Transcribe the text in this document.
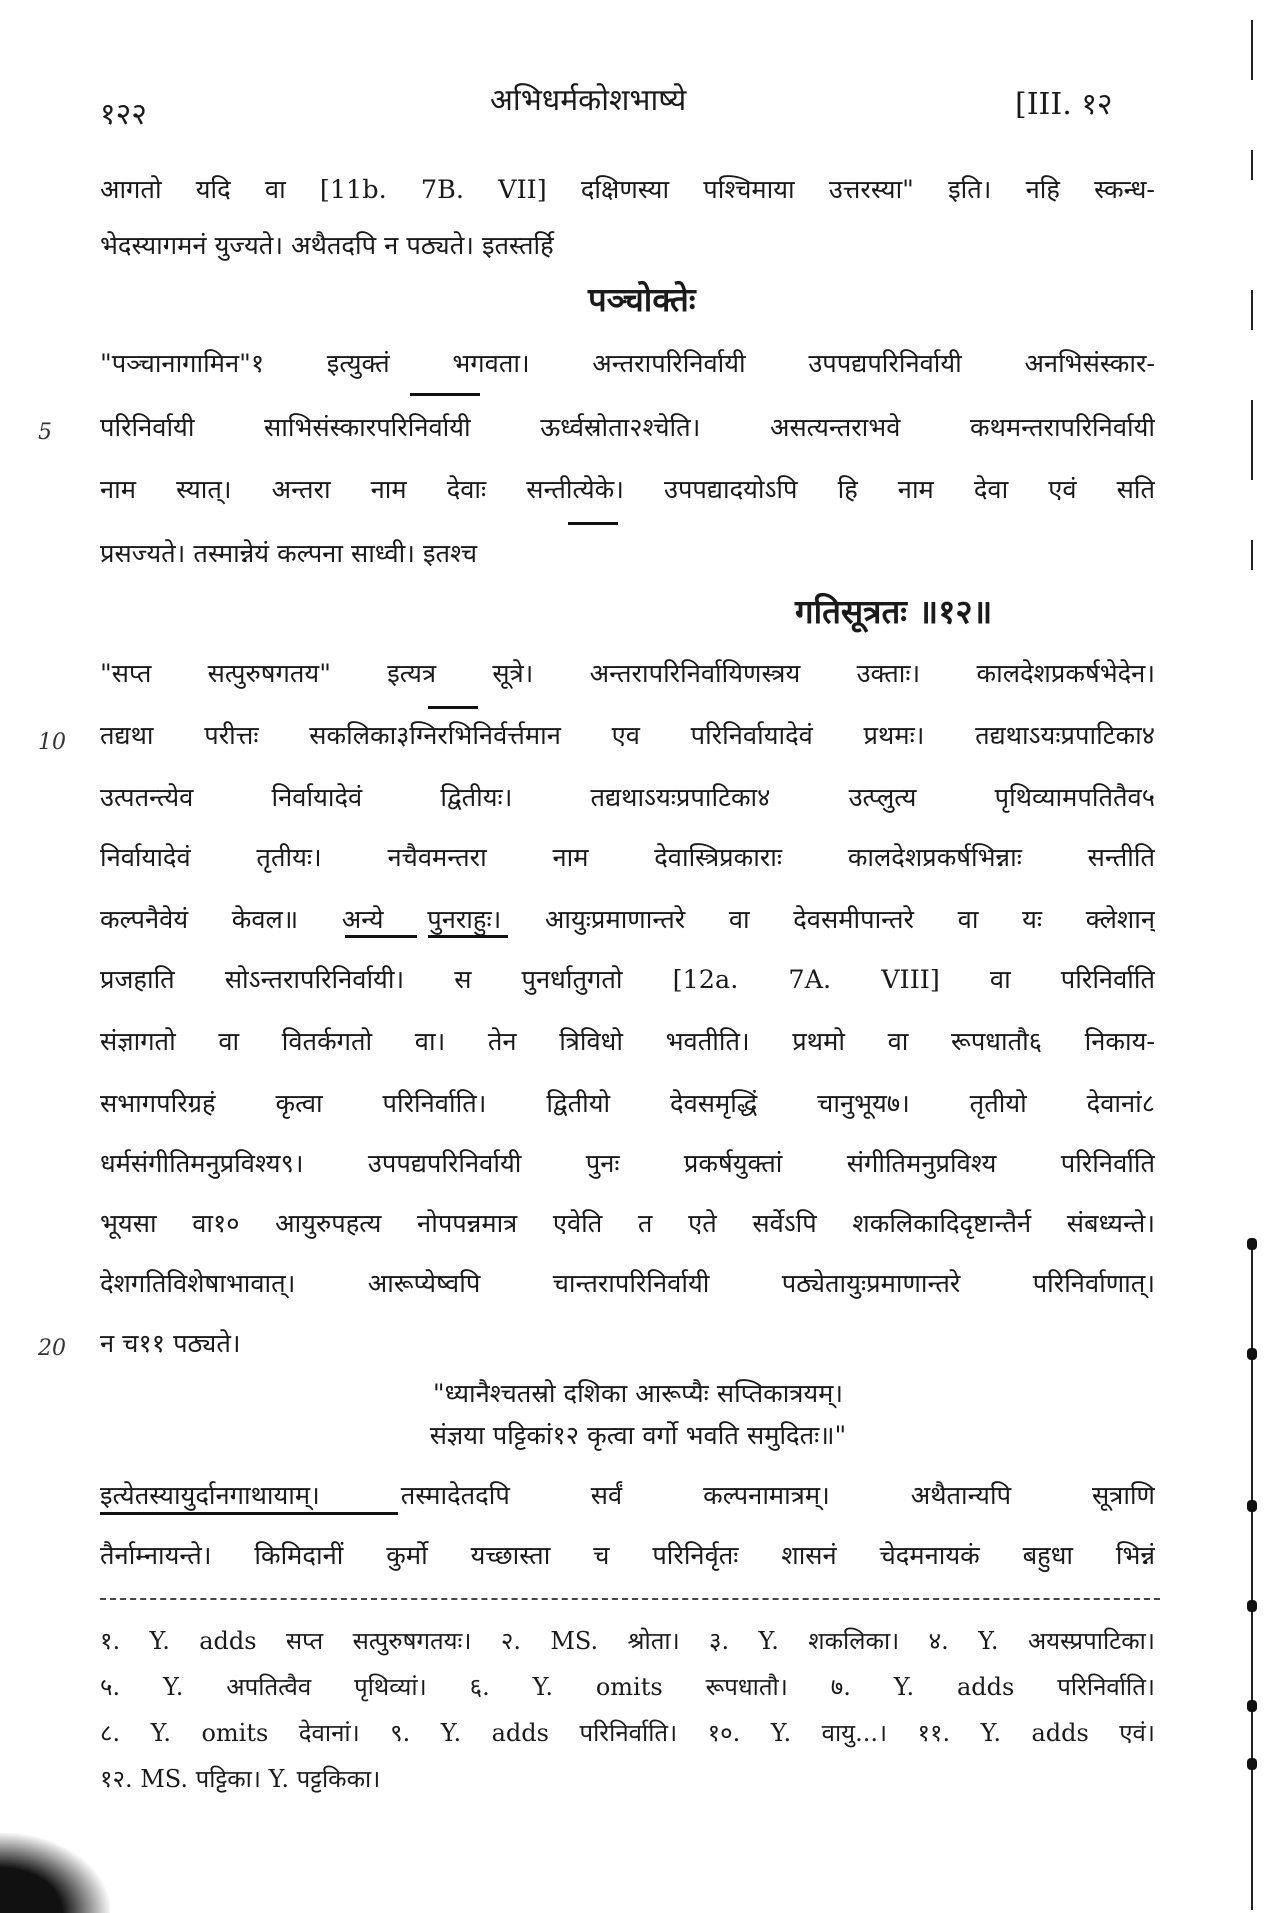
१२२	अभिधर्मकोशभाष्ये	[III. १२
आगतो यदि वा [11b. 7B. VII] दक्षिणस्या पश्चिमाया उत्तरस्या" इति। नहि स्कन्ध-
भेदस्यागमनं युज्यते। अथैतदपि न पठ्यते। इतस्तर्हि
पञ्चोक्तेः
"पञ्चानागामिन"१ इत्युक्तं भगवता। अन्तरापरिनिर्वायी उपपद्यपरिनिर्वायी अनभिसंस्कार-
परिनिर्वायी साभिसंस्कारपरिनिर्वायी ऊर्ध्वस्रोता२श्चेति। असत्यन्तराभवे कथमन्तरापरिनिर्वायी
नाम स्यात्। अन्तरा नाम देवाः सन्तीत्येके। उपपद्यादयोऽपि हि नाम देवा एवं सति
प्रसज्यते। तस्मान्नेयं कल्पना साध्वी। इतश्च
5
गतिसूत्रतः ॥१२॥
"सप्त सत्पुरुषगतय" इत्यत्र सूत्रे। अन्तरापरिनिर्वायिणस्त्रय उक्ताः। कालदेशप्रकर्षभेदेन।
तद्यथा परीत्तः सकलिका३ग्निरभिनिर्वर्त्तमान एव परिनिर्वायादेवं प्रथमः। तद्यथाऽयःप्रपाटिका४
उत्पतन्त्येव निर्वायादेवं द्वितीयः। तद्यथाऽयःप्रपाटिका४ उत्प्लुत्य पृथिव्यामपतितैव५
निर्वायादेवं तृतीयः। नचैवमन्तरा नाम देवास्त्रिप्रकाराः कालदेशप्रकर्षभिन्नाः सन्तीति
कल्पनैवेयं केवल॥ अन्ये पुनराहुः। आयुःप्रमाणान्तरे वा देवसमीपान्तरे वा यः क्लेशान्
प्रजहाति सोऽन्तरापरिनिर्वायी। स पुनर्धातुगतो [12a. 7A. VIII] वा परिनिर्वाति
संज्ञागतो वा वितर्कगतो वा। तेन त्रिविधो भवतीति। प्रथमो वा रूपधातौ६ निकाय-
सभागपरिग्रहं कृत्वा परिनिर्वाति। द्वितीयो देवसमृद्धिं चानुभूय७। तृतीयो देवानां८
धर्मसंगीतिमनुप्रविश्य९। उपपद्यपरिनिर्वायी पुनः प्रकर्षयुक्तां संगीतिमनुप्रविश्य परिनिर्वाति
भूयसा वा१० आयुरुपहत्य नोपपन्नमात्र एवेति त एते सर्वेऽपि शकलिकादिदृष्टान्तैर्न संबध्यन्ते।
देशगतिविशेषाभावात्। आरूप्येष्वपि चान्तरापरिनिर्वायी पठ्येतायुःप्रमाणान्तरे परिनिर्वाणात्।
न च११ पठ्यते।
10
20
"ध्यानैश्चतस्रो दशिका आरूप्यैः सप्तिकात्रयम्।
संज्ञया पट्टिकां१२ कृत्वा वर्गो भवति समुदितः॥"
इत्येतस्यायुर्दानगाथायाम्। तस्मादेतदपि सर्वं कल्पनामात्रम्। अथैतान्यपि सूत्राणि
तैर्नाम्नायन्ते। किमिदानीं कुर्मो यच्छास्ता च परिनिर्वृतः शासनं चेदमनायकं बहुधा भिन्नं
१. Y. adds सप्त सत्पुरुषगतयः। २. MS. श्रोता। ३. Y. शकलिका। ४. Y. अयस्प्रपाटिका।
५. Y. अपतित्वैव पृथिव्यां। ६. Y. omits रूपधातौ। ७. Y. adds परिनिर्वाति।
८. Y. omits देवानां। ९. Y. adds परिनिर्वाति। १०. Y. वायु...। ११. Y. adds एवं।
१२. MS. पट्टिका। Y. पट्टकिका।
